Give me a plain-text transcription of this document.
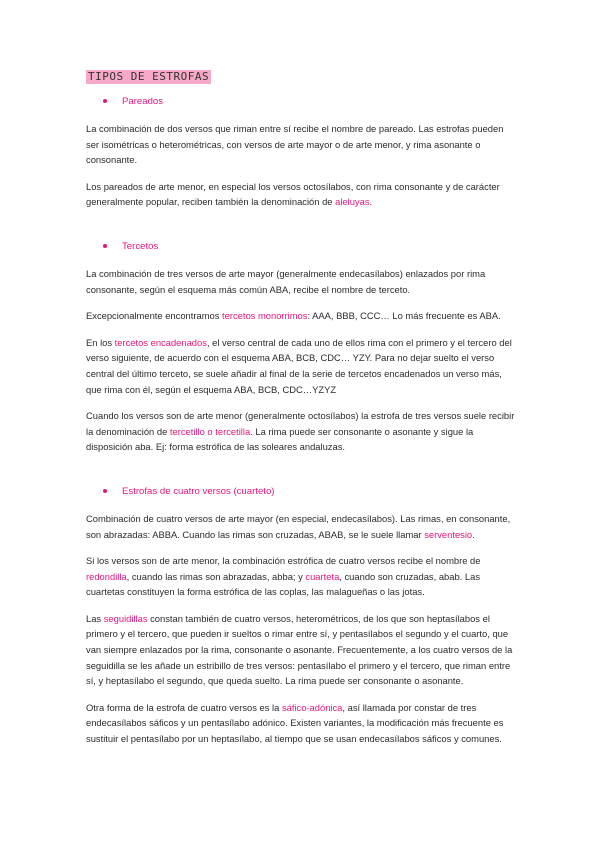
TIPOS DE ESTROFAS
Pareados

La combinación de dos versos que riman entre sí recibe el nombre de pareado. Las estrofas pueden ser isométricas o heterométricas, con versos de arte mayor o de arte menor, y rima asonante o consonante.

Los pareados de arte menor, en especial los versos octosílabos, con rima consonante y de carácter generalmente popular, reciben también la denominación de aleluyas.

Tercetos

La combinación de tres versos de arte mayor (generalmente endecasílabos) enlazados por rima consonante, según el esquema más común ABA, recibe el nombre de terceto.

Excepcionalmente encontramos tercetos monorrimos: AAA, BBB, CCC… Lo más frecuente es ABA.

En los tercetos encadenados, el verso central de cada uno de ellos rima con el primero y el tercero del verso siguiente, de acuerdo con el esquema ABA, BCB, CDC… YZY. Para no dejar suelto el verso central del último terceto, se suele añadir al final de la serie de tercetos encadenados un verso más, que rima con él, según el esquema ABA, BCB, CDC…YZYZ

Cuando los versos son de arte menor (generalmente octosílabos) la estrofa de tres versos suele recibir la denominación de tercetillo o tercetilla. La rima puede ser consonante o asonante y sigue la disposición aba. Ej: forma estrófica de las soleares andaluzas.

Estrofas de cuatro versos (cuarteto)

Combinación de cuatro versos de arte mayor (en especial, endecasílabos). Las rimas, en consonante, son abrazadas: ABBA. Cuando las rimas son cruzadas, ABAB, se le suele llamar serventesio.

Si los versos son de arte menor, la combinación estrófica de cuatro versos recibe el nombre de redondilla, cuando las rimas son abrazadas, abba; y cuarteta, cuando son cruzadas, abab. Las cuartetas constituyen la forma estrófica de las coplas, las malagueñas o las jotas.

Las seguidillas constan también de cuatro versos, heterométricos, de los que son heptasílabos el primero y el tercero, que pueden ir sueltos o rimar entre sí, y pentasílabos el segundo y el cuarto, que van siempre enlazados por la rima, consonante o asonante. Frecuentemente, a los cuatro versos de la seguidilla se les añade un estribillo de tres versos: pentasílabo el primero y el tercero, que riman entre sí, y heptasílabo el segundo, que queda suelto. La rima puede ser consonante o asonante.

Otra forma de la estrofa de cuatro versos es la sáfico-adónica, así llamada por constar de tres endecasílabos sáficos y un pentasílabo adónico. Existen variantes, la modificación más frecuente es sustituir el pentasílabo por un heptasílabo, al tiempo que se usan endecasílabos sáficos y comunes.
